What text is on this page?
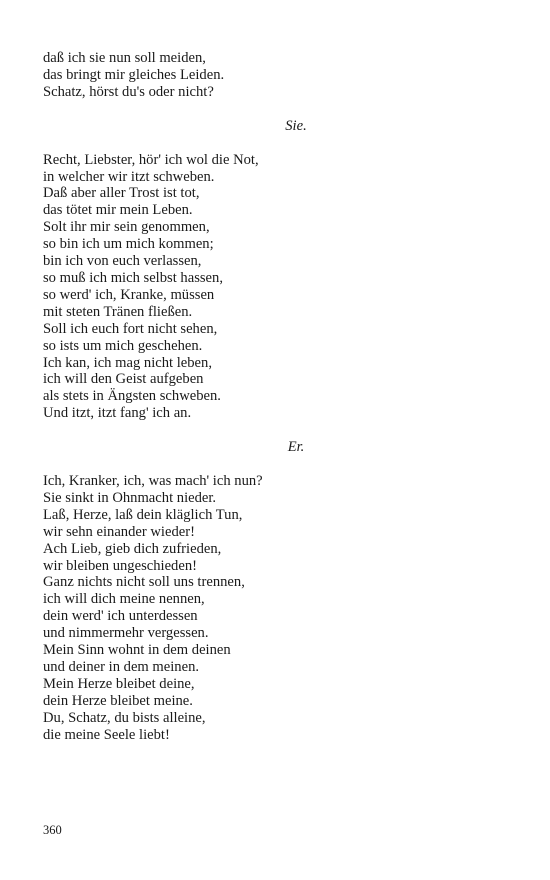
daß ich sie nun soll meiden,
das bringt mir gleiches Leiden.
Schatz, hörst du's oder nicht?
Sie.
Recht, Liebster, hör' ich wol die Not,
in welcher wir itzt schweben.
Daß aber aller Trost ist tot,
das tötet mir mein Leben.
Solt ihr mir sein genommen,
so bin ich um mich kommen;
bin ich von euch verlassen,
so muß ich mich selbst hassen,
so werd' ich, Kranke, müssen
mit steten Tränen fließen.
Soll ich euch fort nicht sehen,
so ists um mich geschehen.
Ich kan, ich mag nicht leben,
ich will den Geist aufgeben
als stets in Ängsten schweben.
Und itzt, itzt fang' ich an.
Er.
Ich, Kranker, ich, was mach' ich nun?
Sie sinkt in Ohnmacht nieder.
Laß, Herze, laß dein kläglich Tun,
wir sehn einander wieder!
Ach Lieb, gieb dich zufrieden,
wir bleiben ungeschieden!
Ganz nichts nicht soll uns trennen,
ich will dich meine nennen,
dein werd' ich unterdessen
und nimmermehr vergessen.
Mein Sinn wohnt in dem deinen
und deiner in dem meinen.
Mein Herze bleibet deine,
dein Herze bleibet meine.
Du, Schatz, du bists alleine,
die meine Seele liebt!
360
